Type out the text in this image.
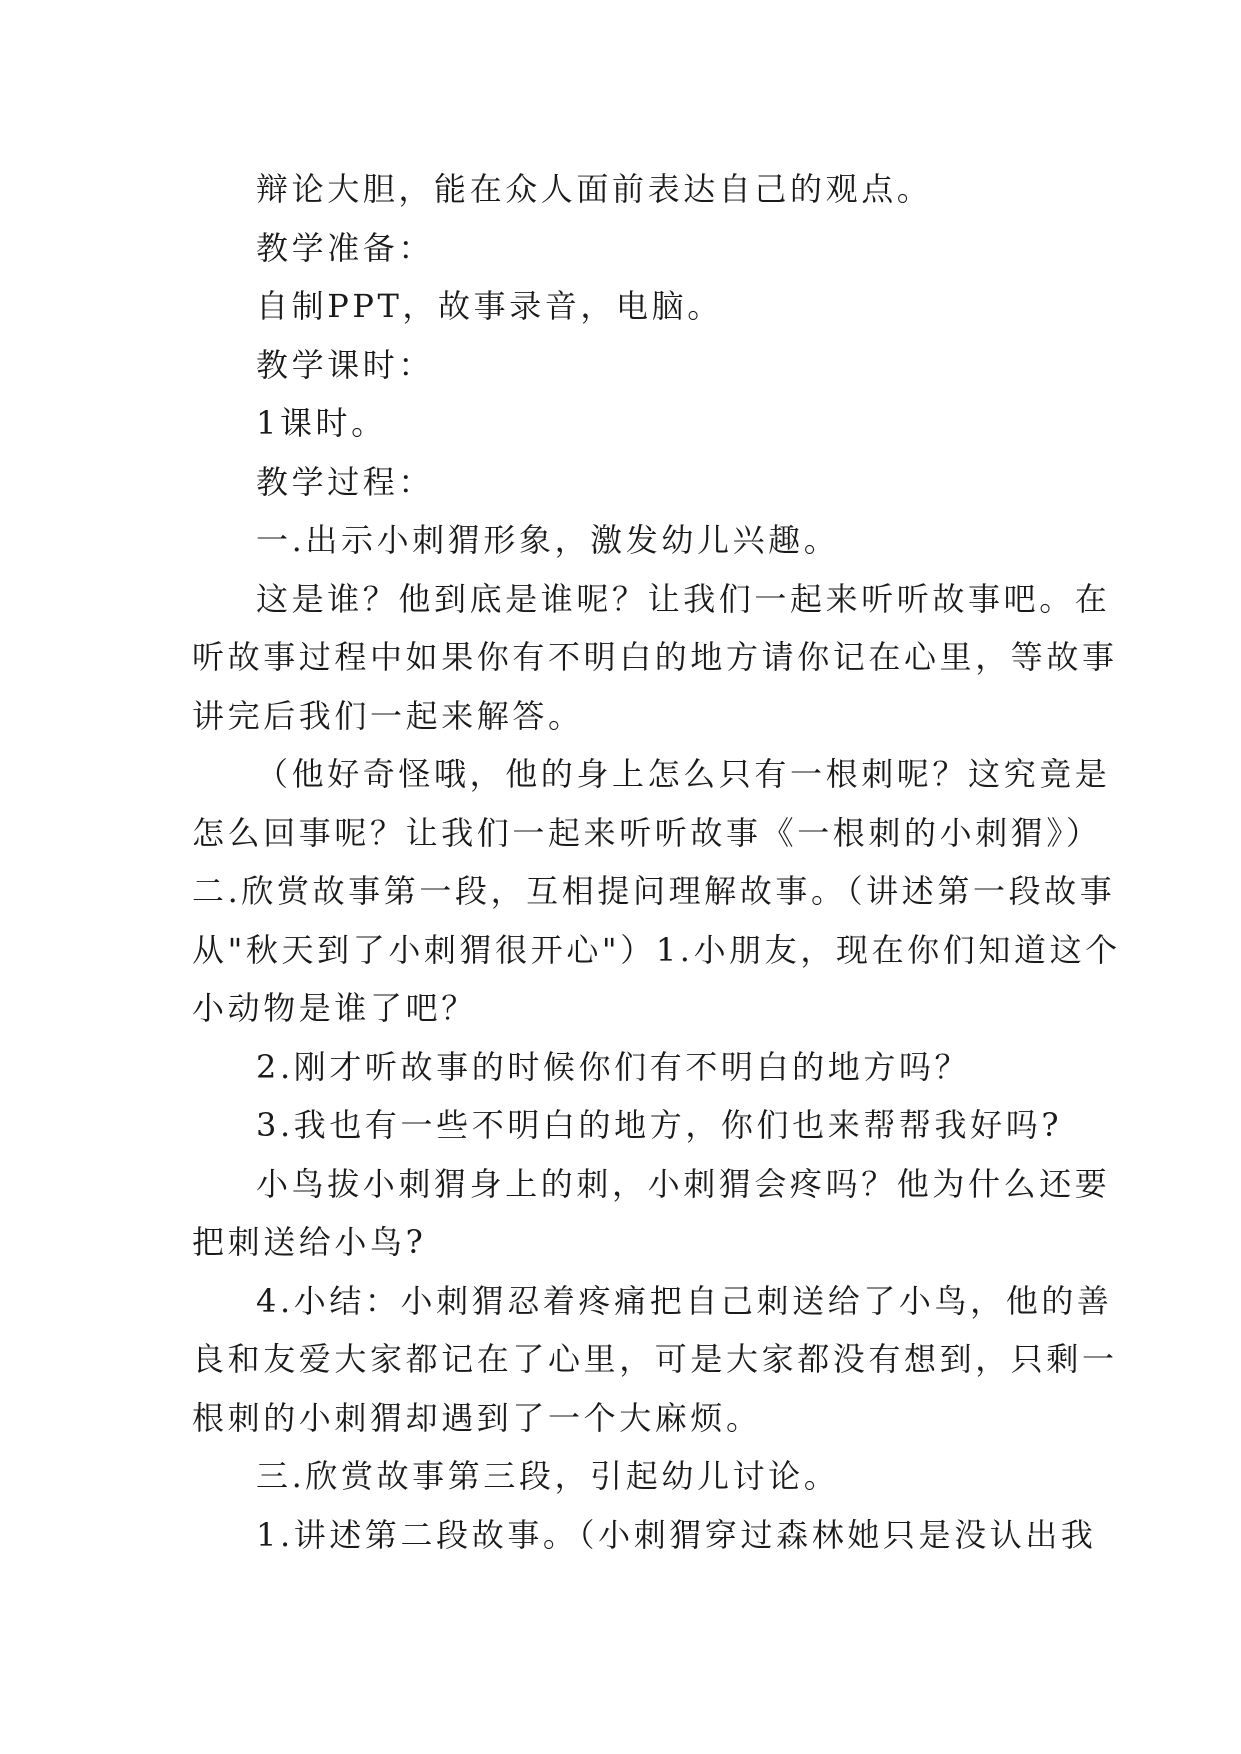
辩论大胆，能在众人面前表达自己的观点。

教学准备：

自制PPT，故事录音，电脑。

教学课时：

1课时。

教学过程：

一.出示小刺猬形象，激发幼儿兴趣。

这是谁？他到底是谁呢？让我们一起来听听故事吧。在

听故事过程中如果你有不明白的地方请你记在心里，等故事

讲完后我们一起来解答。

（他好奇怪哦，他的身上怎么只有一根刺呢？这究竟是

怎么回事呢？让我们一起来听听故事《一根刺的小刺猬》）

二.欣赏故事第一段，互相提问理解故事。（讲述第一段故事

从"秋天到了小刺猬很开心"）1.小朋友，现在你们知道这个

小动物是谁了吧？

2.刚才听故事的时候你们有不明白的地方吗？

3.我也有一些不明白的地方，你们也来帮帮我好吗?

小鸟拔小刺猬身上的刺，小刺猬会疼吗？他为什么还要

把刺送给小鸟?

4.小结：小刺猬忍着疼痛把自己刺送给了小鸟，他的善

良和友爱大家都记在了心里，可是大家都没有想到，只剩一

根刺的小刺猬却遇到了一个大麻烦。

三.欣赏故事第三段，引起幼儿讨论。

1.讲述第二段故事。（小刺猬穿过森林她只是没认出我
